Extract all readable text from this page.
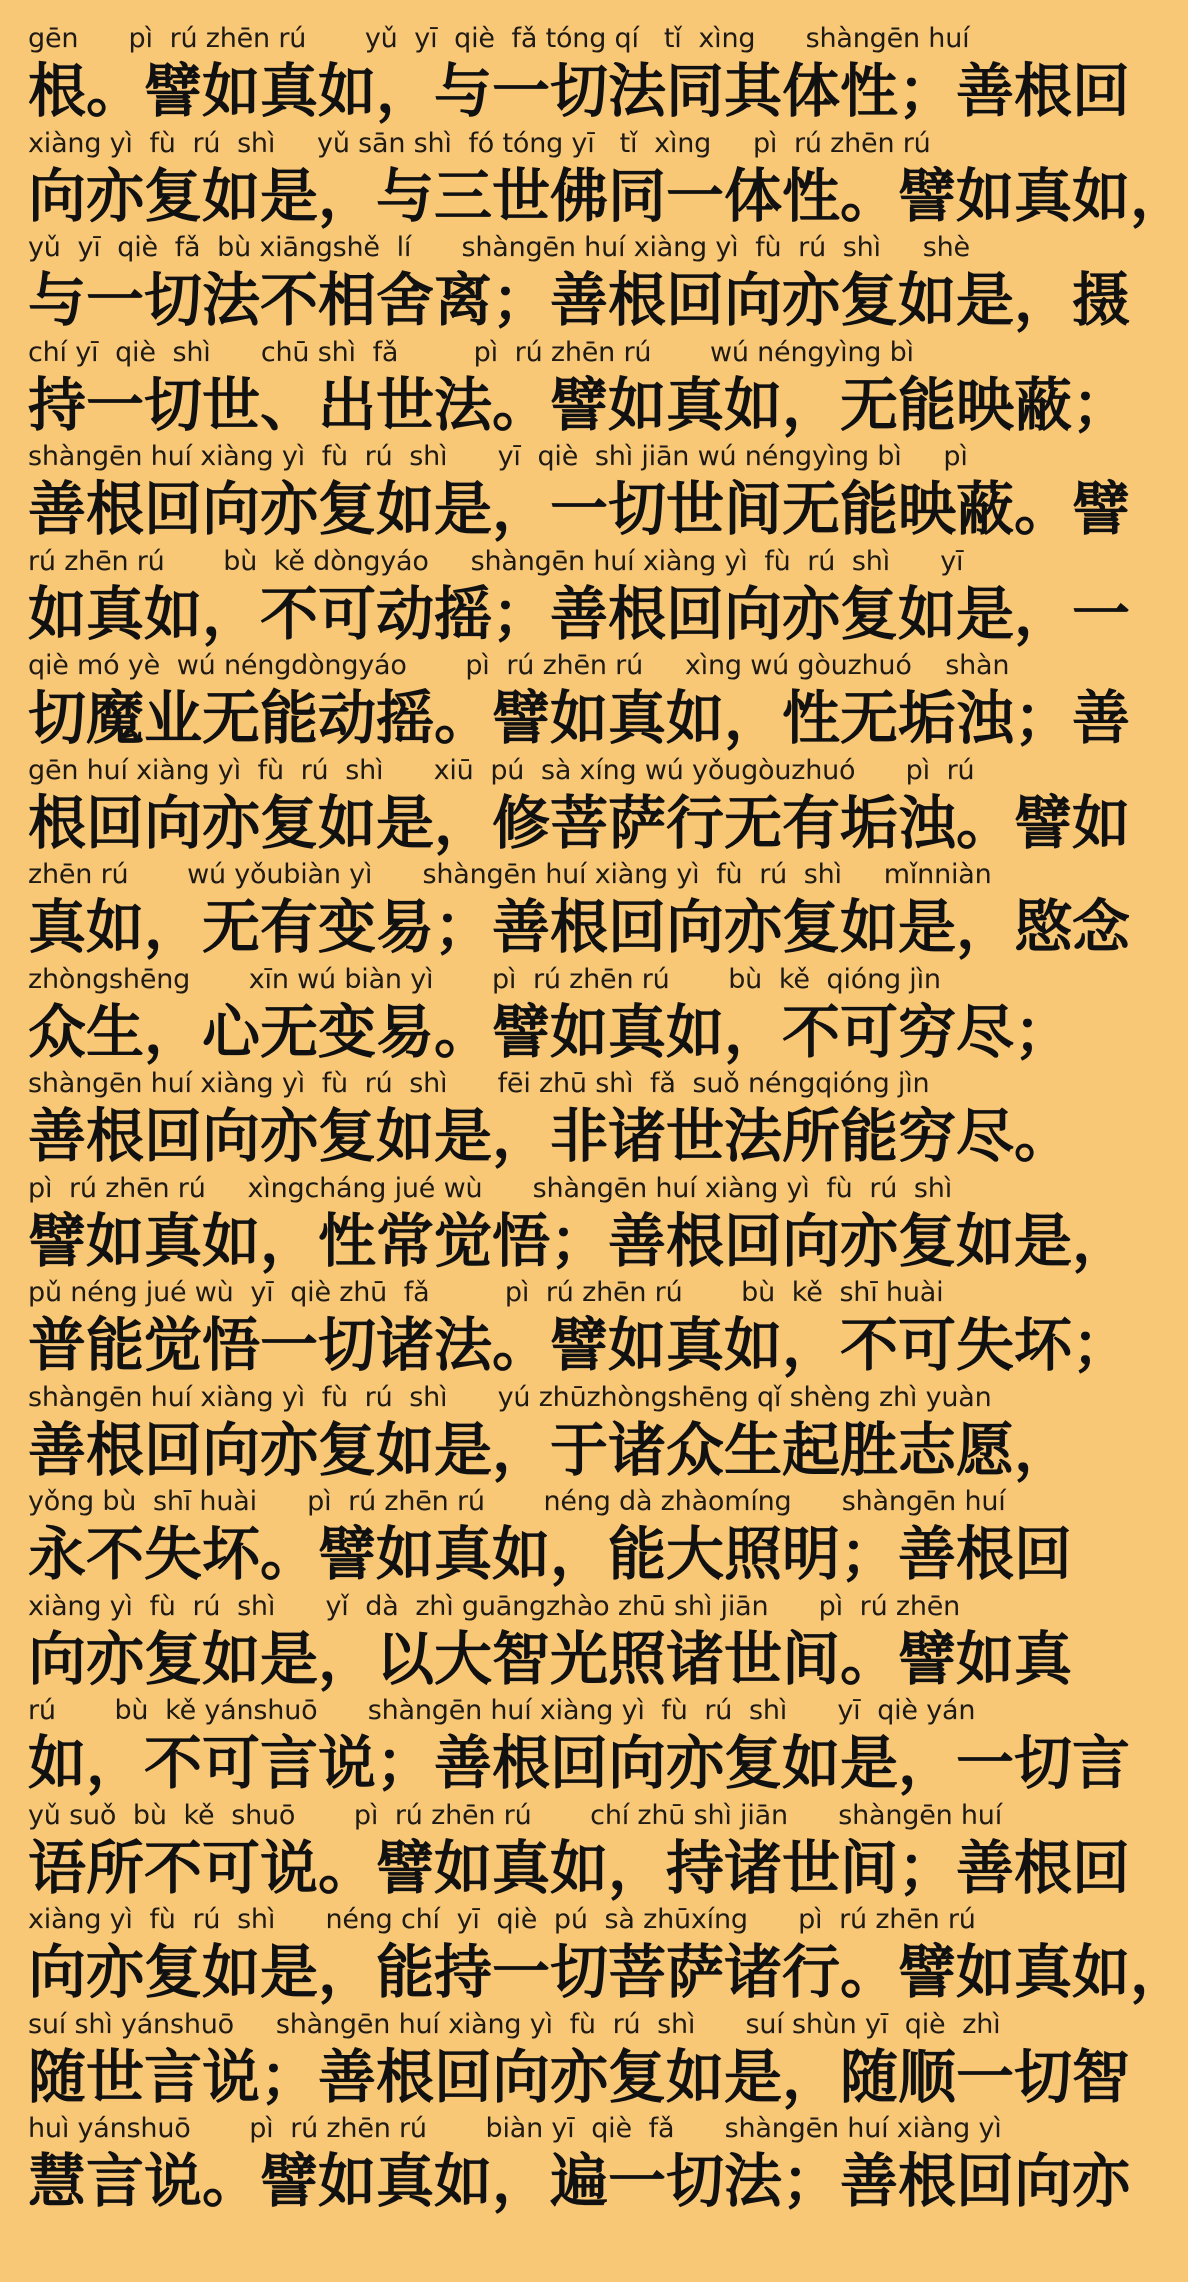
gēn      pì  rú zhēn rú       yǔ  yī  qiè  fǎ tóng qí   tǐ  xìng      shàngēn huí
根。譬如真如，与一切法同其体性；善根回
xiàng yì  fù  rú  shì     yǔ sān shì  fó tóng yī   tǐ  xìng     pì  rú zhēn rú
向亦复如是，与三世佛同一体性。譬如真如，
yǔ  yī  qiè  fǎ  bù xiāngshě  lí      shàngēn huí xiàng yì  fù  rú  shì     shè
与一切法不相舍离；善根回向亦复如是，摄
chí yī  qiè  shì      chū shì  fǎ         pì  rú zhēn rú       wú néngyìng bì
持一切世、出世法。譬如真如，无能映蔽；
shàngēn huí xiàng yì  fù  rú  shì      yī  qiè  shì jiān wú néngyìng bì     pì
善根回向亦复如是，一切世间无能映蔽。譬
rú zhēn rú       bù  kě dòngyáo     shàngēn huí xiàng yì  fù  rú  shì      yī
如真如，不可动摇；善根回向亦复如是，一
qiè mó yè  wú néngdòngyáo       pì  rú zhēn rú     xìng wú gòuzhuó    shàn
切魔业无能动摇。譬如真如，性无垢浊；善
gēn huí xiàng yì  fù  rú  shì      xiū  pú  sà xíng wú yǒugòuzhuó      pì  rú
根回向亦复如是，修菩萨行无有垢浊。譬如
zhēn rú       wú yǒubiàn yì      shàngēn huí xiàng yì  fù  rú  shì     mǐnniàn
真如，无有变易；善根回向亦复如是，愍念
zhòngshēng       xīn wú biàn yì       pì  rú zhēn rú       bù  kě  qióng jìn
众生，心无变易。譬如真如，不可穷尽；
shàngēn huí xiàng yì  fù  rú  shì      fēi zhū shì  fǎ  suǒ néngqióng jìn
善根回向亦复如是，非诸世法所能穷尽。
pì  rú zhēn rú     xìngcháng jué wù      shàngēn huí xiàng yì  fù  rú  shì
譬如真如，性常觉悟；善根回向亦复如是，
pǔ néng jué wù  yī  qiè zhū  fǎ         pì  rú zhēn rú       bù  kě  shī huài
普能觉悟一切诸法。譬如真如，不可失坏；
shàngēn huí xiàng yì  fù  rú  shì      yú zhūzhòngshēng qǐ shèng zhì yuàn
善根回向亦复如是，于诸众生起胜志愿，
yǒng bù  shī huài      pì  rú zhēn rú       néng dà zhàomíng      shàngēn huí
永不失坏。譬如真如，能大照明；善根回
xiàng yì  fù  rú  shì      yǐ  dà  zhì guāngzhào zhū shì jiān      pì  rú zhēn
向亦复如是，以大智光照诸世间。譬如真
rú       bù  kě yánshuō      shàngēn huí xiàng yì  fù  rú  shì      yī  qiè yán
如，不可言说；善根回向亦复如是，一切言
yǔ suǒ  bù  kě  shuō       pì  rú zhēn rú       chí zhū shì jiān      shàngēn huí
语所不可说。譬如真如，持诸世间；善根回
xiàng yì  fù  rú  shì      néng chí  yī  qiè  pú  sà zhūxíng      pì  rú zhēn rú
向亦复如是，能持一切菩萨诸行。譬如真如，
suí shì yánshuō     shàngēn huí xiàng yì  fù  rú  shì      suí shùn yī  qiè  zhì
随世言说；善根回向亦复如是，随顺一切智
huì yánshuō       pì  rú zhēn rú       biàn yī  qiè  fǎ      shàngēn huí xiàng yì
慧言说。譬如真如，遍一切法；善根回向亦
